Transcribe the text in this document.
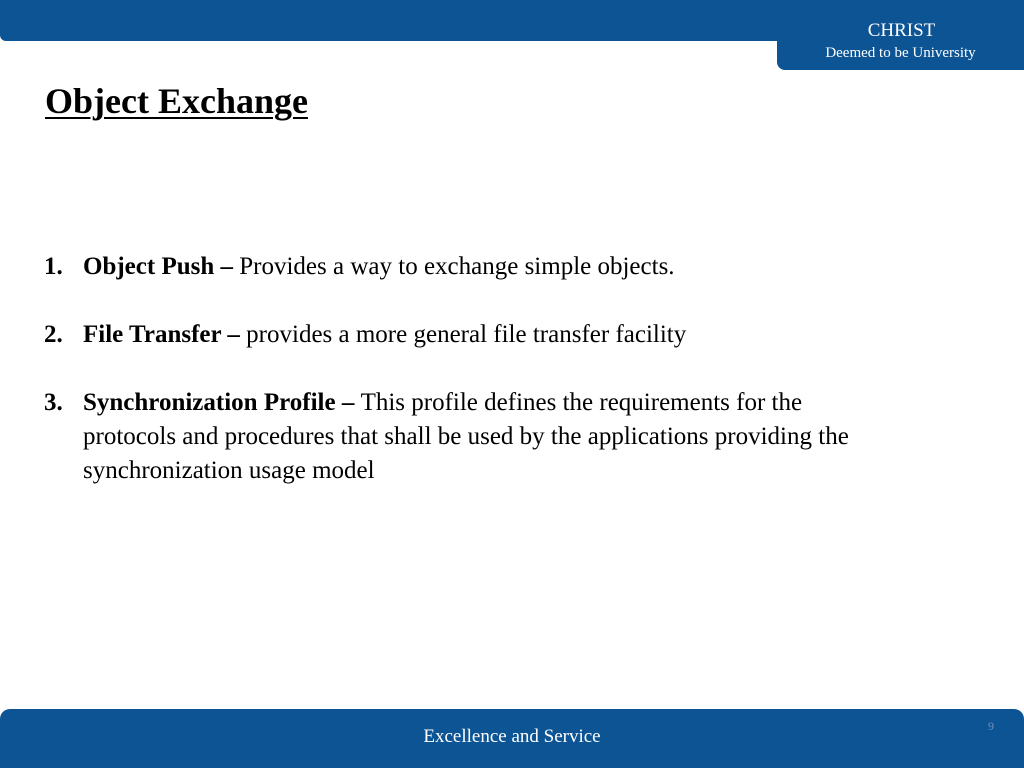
CHRIST
Deemed to be University
Object Exchange
1. Object Push – Provides a way to exchange simple objects.
2. File Transfer – provides a more general file transfer facility
3. Synchronization Profile – This profile defines the requirements for the protocols and procedures that shall be used by the applications providing the synchronization usage model
Excellence and Service	9
